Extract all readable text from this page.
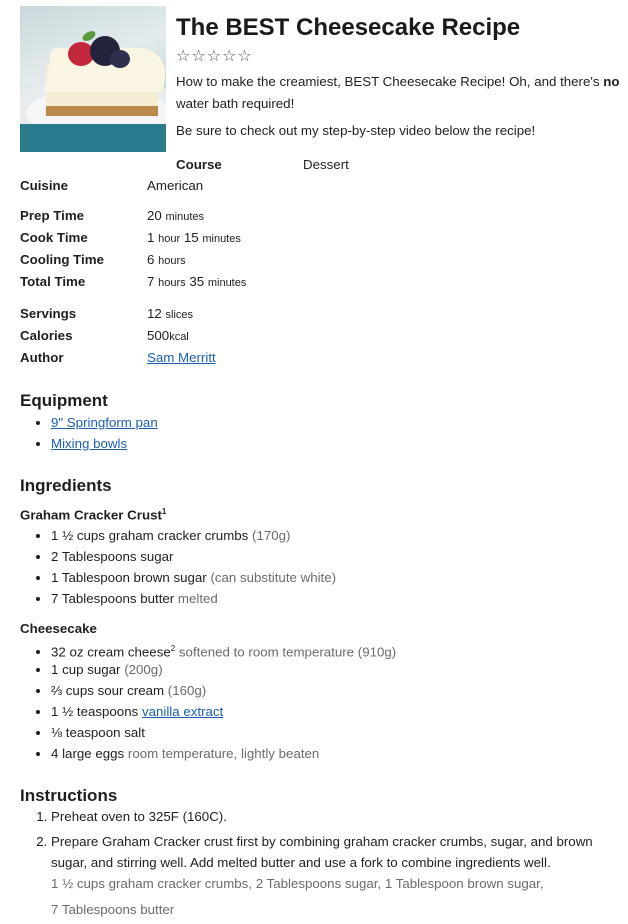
The BEST Cheesecake Recipe
☆☆☆☆☆

How to make the creamiest, BEST Cheesecake Recipe! Oh, and there's no water bath required!

Be sure to check out my step-by-step video below the recipe!

Course	Dessert
Cuisine	American
Prep Time	20 minutes
Cook Time	1 hour 15 minutes
Cooling Time	6 hours
Total Time	7 hours 35 minutes
Servings	12 slices
Calories	500kcal
Author	Sam Merritt
Equipment
• 9" Springform pan
• Mixing bowls
Ingredients
Graham Cracker Crust$^1$
• 1 ½ cups graham cracker crumbs (170g)
• 2 Tablespoons sugar
• 1 Tablespoon brown sugar (can substitute white)
• 7 Tablespoons butter melted
Cheesecake
• 32 oz cream cheese$^2$ softened to room temperature (910g)
• 1 cup sugar (200g)
• ⅔ cups sour cream (160g)
• 1 ½ teaspoons vanilla extract
• ⅛ teaspoon salt
• 4 large eggs room temperature, lightly beaten
Instructions
1. Preheat oven to 325F (160C).
2. Prepare Graham Cracker crust first by combining graham cracker crumbs, sugar, and brown sugar, and stirring well. Add melted butter and use a fork to combine ingredients well.
1 ½ cups graham cracker crumbs, 2 Tablespoons sugar, 1 Tablespoon brown sugar,
7 Tablespoons butter
